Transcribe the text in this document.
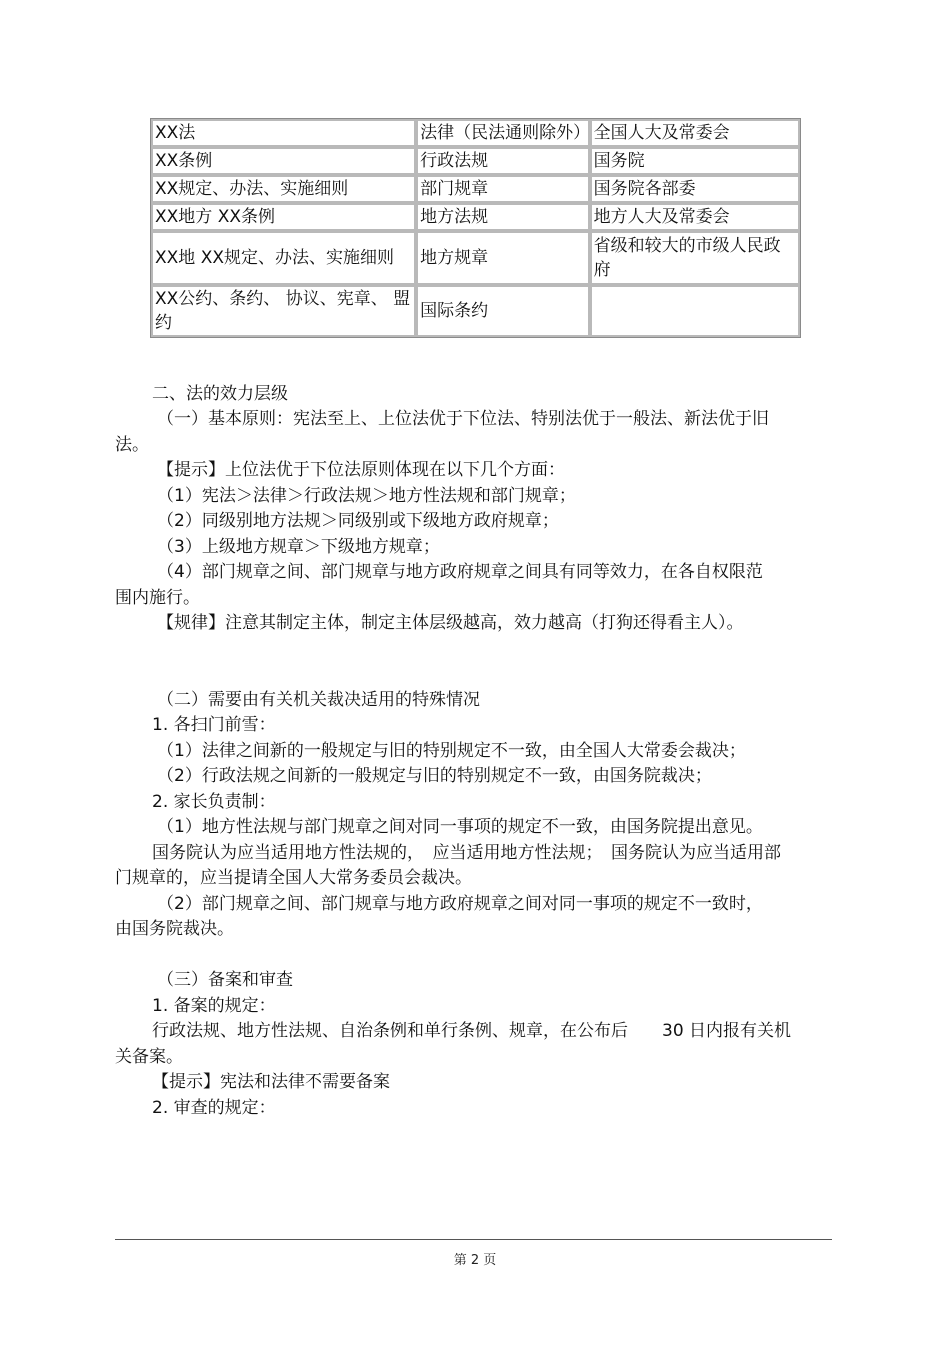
XX法	法律（民法通则除外）	全国人大及常委会
XX条例	行政法规	国务院
XX规定、办法、实施细则	部门规章	国务院各部委
XX地方 XX条例	地方法规	地方人大及常委会
XX地 XX规定、办法、实施细则	地方规章	省级和较大的市级人民政府
XX公约、条约、 协议、宪章、 盟约	国际条约	
二、法的效力层级
（一）基本原则：宪法至上、上位法优于下位法、特别法优于一般法、新法优于旧
法。
【提示】上位法优于下位法原则体现在以下几个方面：
（1）宪法＞法律＞行政法规＞地方性法规和部门规章；
（2）同级别地方法规＞同级别或下级地方政府规章；
（3）上级地方规章＞下级地方规章；
（4）部门规章之间、部门规章与地方政府规章之间具有同等效力，在各自权限范
围内施行。
【规律】注意其制定主体，制定主体层级越高，效力越高（打狗还得看主人）。
（二）需要由有关机关裁决适用的特殊情况
1. 各扫门前雪：
（1）法律之间新的一般规定与旧的特别规定不一致，由全国人大常委会裁决；
（2）行政法规之间新的一般规定与旧的特别规定不一致，由国务院裁决；
2. 家长负责制：
（1）地方性法规与部门规章之间对同一事项的规定不一致，由国务院提出意见。
国务院认为应当适用地方性法规的，　应当适用地方性法规；　国务院认为应当适用部
门规章的，应当提请全国人大常务委员会裁决。
（2）部门规章之间、部门规章与地方政府规章之间对同一事项的规定不一致时，
由国务院裁决。
（三）备案和审查
1. 备案的规定：
行政法规、地方性法规、自治条例和单行条例、规章，在公布后　　30 日内报有关机
关备案。
【提示】宪法和法律不需要备案
2. 审查的规定：
第 2 页
